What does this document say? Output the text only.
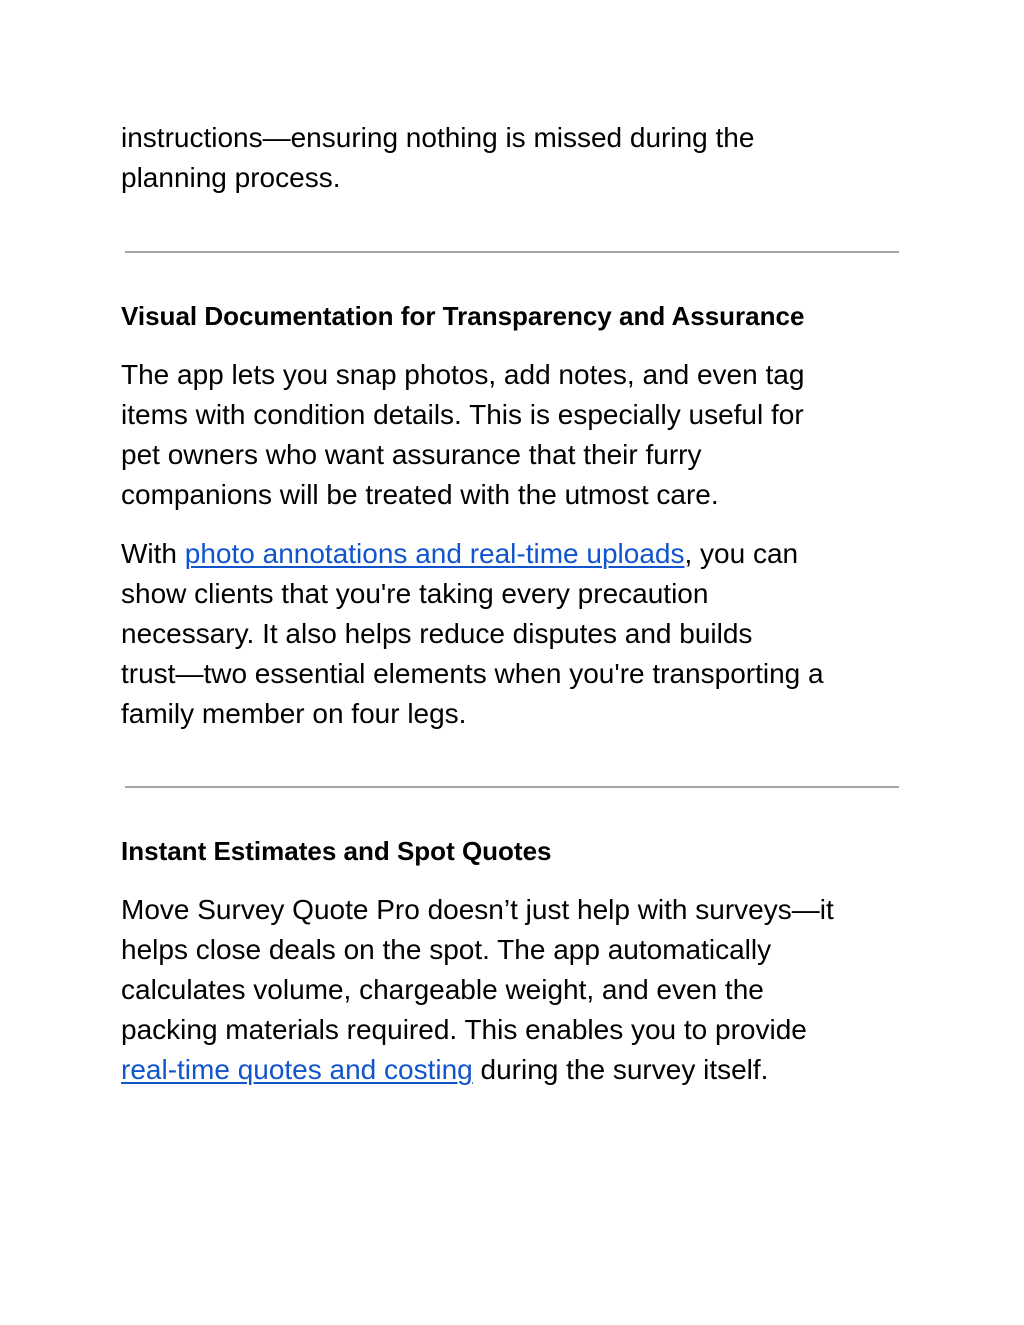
instructions—ensuring nothing is missed during the
planning process.

Visual Documentation for Transparency and Assurance

The app lets you snap photos, add notes, and even tag
items with condition details. This is especially useful for
pet owners who want assurance that their furry
companions will be treated with the utmost care.

With photo annotations and real-time uploads, you can
show clients that you're taking every precaution
necessary. It also helps reduce disputes and builds
trust—two essential elements when you're transporting a
family member on four legs.

Instant Estimates and Spot Quotes

Move Survey Quote Pro doesn’t just help with surveys—it
helps close deals on the spot. The app automatically
calculates volume, chargeable weight, and even the
packing materials required. This enables you to provide
real-time quotes and costing during the survey itself.
